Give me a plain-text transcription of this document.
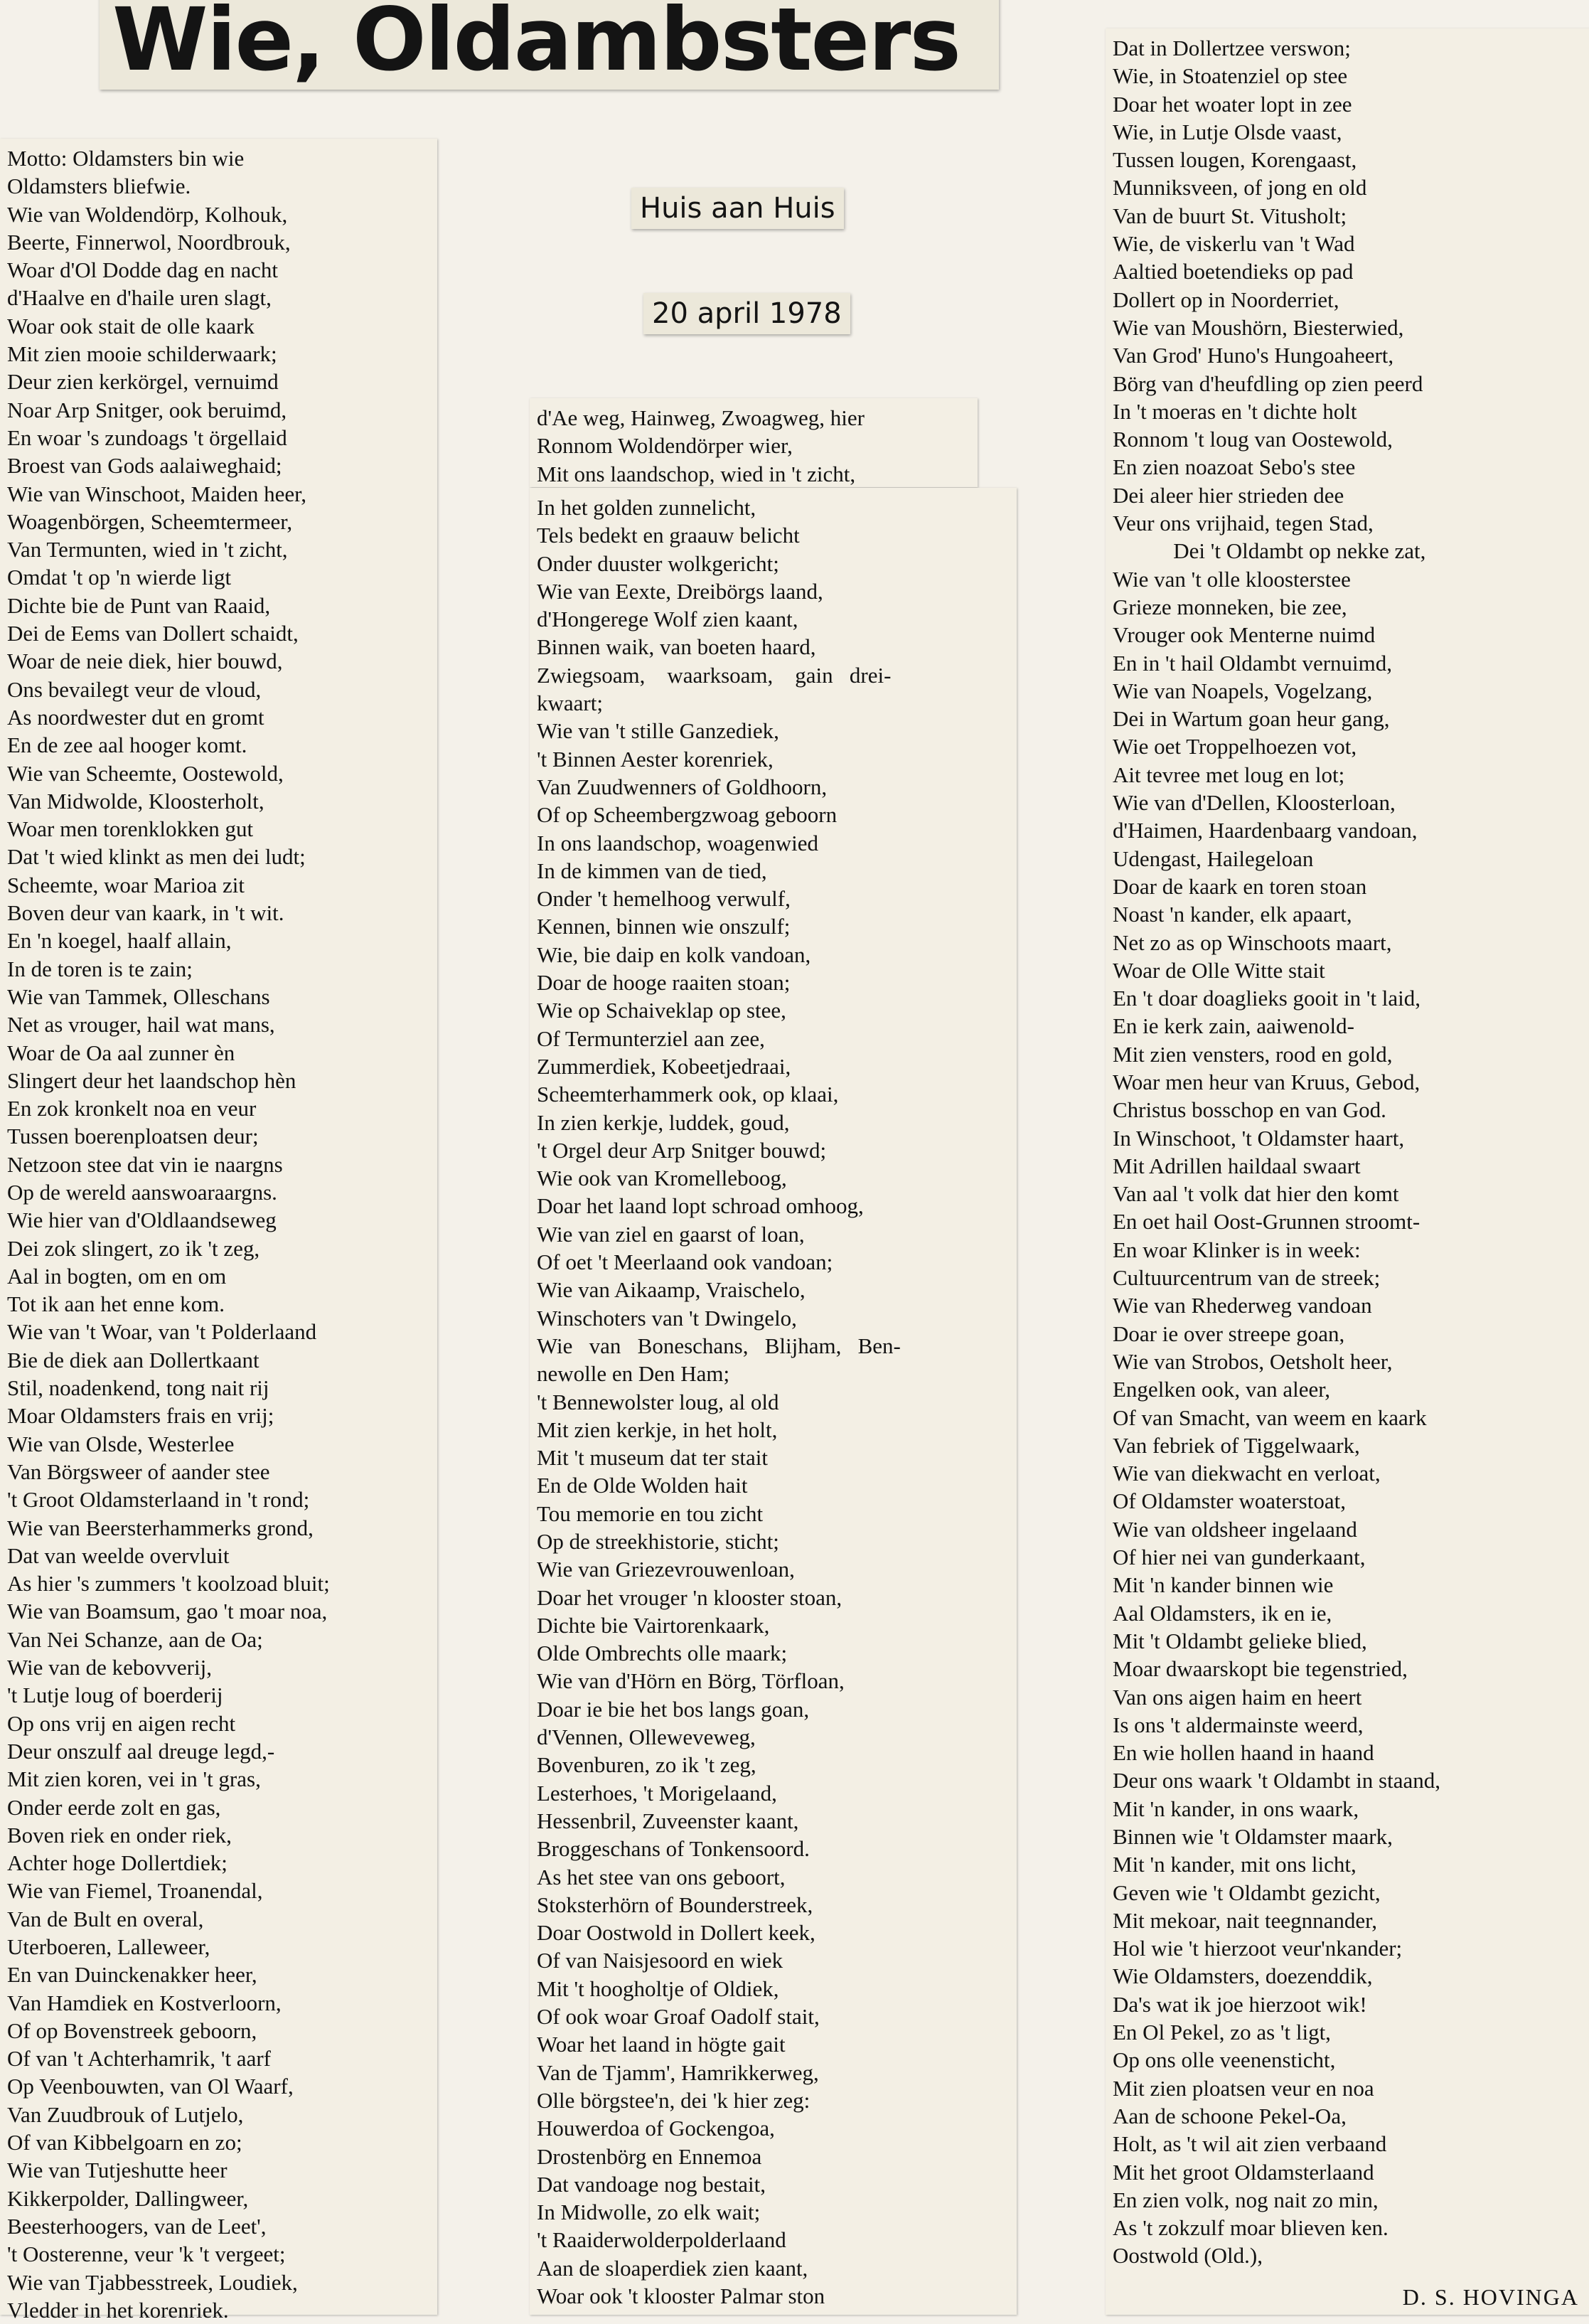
Wie, Oldambsters
Huis aan Huis
20 april 1978
Motto: Oldamsters bin wie
Oldamsters bliefwie.
Wie van Woldendörp, Kolhouk,
Beerte, Finnerwol, Noordbrouk,
Woar d'Ol Dodde dag en nacht
d'Haalve en d'haile uren slagt,
Woar ook stait de olle kaark
Mit zien mooie schilderwaark;
Deur zien kerkörgel, vernuimd
Noar Arp Snitger, ook beruimd,
En woar 's zundoags 't örgellaid
Broest van Gods aalaiweghaid;
Wie van Winschoot, Maiden heer,
Woagenbörgen, Scheemtermeer,
Van Termunten, wied in 't zicht,
Omdat 't op 'n wierde ligt
Dichte bie de Punt van Raaid,
Dei de Eems van Dollert schaidt,
Woar de neie diek, hier bouwd,
Ons bevailegt veur de vloud,
As noordwester dut en gromt
En de zee aal hooger komt.
Wie van Scheemte, Oostewold,
Van Midwolde, Kloosterholt,
Woar men torenklokken gut
Dat 't wied klinkt as men dei ludt;
Scheemte, woar Marioa zit
Boven deur van kaark, in 't wit.
En 'n koegel, haalf allain,
In de toren is te zain;
Wie van Tammek, Olleschans
Net as vrouger, hail wat mans,
Woar de Oa aal zunner èn
Slingert deur het laandschop hèn
En zok kronkelt noa en veur
Tussen boerenploatsen deur;
Netzoon stee dat vin ie naargns
Op de wereld aanswoaraargns.
Wie hier van d'Oldlaandseweg
Dei zok slingert, zo ik 't zeg,
Aal in bogten, om en om
Tot ik aan het enne kom.
Wie van 't Woar, van 't Polderlaand
Bie de diek aan Dollertkaant
Stil, noadenkend, tong nait rij
Moar Oldamsters frais en vrij;
Wie van Olsde, Westerlee
Van Börgsweer of aander stee
't Groot Oldamsterlaand in 't rond;
Wie van Beersterhammerks grond,
Dat van weelde overvluit
As hier 's zummers 't koolzoad bluit;
Wie van Boamsum, gao 't moar noa,
Van Nei Schanze, aan de Oa;
Wie van de kebovverij,
't Lutje loug of boerderij
Op ons vrij en aigen recht
Deur onszulf aal dreuge legd,-
Mit zien koren, vei in 't gras,
Onder eerde zolt en gas,
Boven riek en onder riek,
Achter hoge Dollertdiek;
Wie van Fiemel, Troanendal,
Van de Bult en overal,
Uterboeren, Lalleweer,
En van Duinckenakker heer,
Van Hamdiek en Kostverloorn,
Of op Bovenstreek geboorn,
Of van 't Achterhamrik, 't aarf
Op Veenbouwten, van Ol Waarf,
Van Zuudbrouk of Lutjelo,
Of van Kibbelgoarn en zo;
Wie van Tutjeshutte heer
Kikkerpolder, Dallingweer,
Beesterhoogers, van de Leet',
't Oosterenne, veur 'k 't vergeet;
Wie van Tjabbesstreek, Loudiek,
Vledder in het korenriek.
d'Ae weg, Hainweg, Zwoagweg, hier
Ronnom Woldendörper wier,
Mit ons laandschop, wied in 't zicht,
In het golden zunnelicht,
Tels bedekt en graauw belicht
Onder duuster wolkgericht;
Wie van Eexte, Dreibörgs laand,
d'Hongerege Wolf zien kaant,
Binnen waik, van boeten haard,
Zwiegsoam,    waarksoam,    gain   drei-
kwaart;
Wie van 't stille Ganzediek,
't Binnen Aester korenriek,
Van Zuudwenners of Goldhoorn,
Of op Scheembergzwoag geboorn
In ons laandschop, woagenwied
In de kimmen van de tied,
Onder 't hemelhoog verwulf,
Kennen, binnen wie onszulf;
Wie, bie daip en kolk vandoan,
Doar de hooge raaiten stoan;
Wie op Schaiveklap op stee,
Of Termunterziel aan zee,
Zummerdiek, Kobeetjedraai,
Scheemterhammerk ook, op klaai,
In zien kerkje, luddek, goud,
't Orgel deur Arp Snitger bouwd;
Wie ook van Kromelleboog,
Doar het laand lopt schroad omhoog,
Wie van ziel en gaarst of loan,
Of oet 't Meerlaand ook vandoan;
Wie van Aikaamp, Vraischelo,
Winschoters van 't Dwingelo,
Wie   van   Boneschans,   Blijham,   Ben-
newolle en Den Ham;
't Bennewolster loug, al old
Mit zien kerkje, in het holt,
Mit 't museum dat ter stait
En de Olde Wolden hait
Tou memorie en tou zicht
Op de streekhistorie, sticht;
Wie van Griezevrouwenloan,
Doar het vrouger 'n klooster stoan,
Dichte bie Vairtorenkaark,
Olde Ombrechts olle maark;
Wie van d'Hörn en Börg, Törfloan,
Doar ie bie het bos langs goan,
d'Vennen, Olleweveweg,
Bovenburen, zo ik 't zeg,
Lesterhoes, 't Morigelaand,
Hessenbril, Zuveenster kaant,
Broggeschans of Tonkensoord.
As het stee van ons geboort,
Stoksterhörn of Bounderstreek,
Doar Oostwold in Dollert keek,
Of van Naisjesoord en wiek
Mit 't hoogholtje of Oldiek,
Of ook woar Groaf Oadolf stait,
Woar het laand in högte gait
Van de Tjamm', Hamrikkerweg,
Olle börgstee'n, dei 'k hier zeg:
Houwerdoa of Gockengoa,
Drostenbörg en Ennemoa
Dat vandoage nog bestait,
In Midwolle, zo elk wait;
't Raaiderwolderpolderlaand
Aan de sloaperdiek zien kaant,
Woar ook 't klooster Palmar ston
Dat in Dollertzee verswon;
Wie, in Stoatenziel op stee
Doar het woater lopt in zee
Wie, in Lutje Olsde vaast,
Tussen lougen, Korengaast,
Munniksveen, of jong en old
Van de buurt St. Vitusholt;
Wie, de viskerlu van 't Wad
Aaltied boetendieks op pad
Dollert op in Noorderriet,
Wie van Moushörn, Biesterwied,
Van Grod' Huno's Hungoaheert,
Börg van d'heufdling op zien peerd
In 't moeras en 't dichte holt
Ronnom 't loug van Oostewold,
En zien noazoat Sebo's stee
Dei aleer hier strieden dee
Veur ons vrijhaid, tegen Stad,
Dei 't Oldambt op nekke zat,
Wie van 't olle kloosterstee
Grieze monneken, bie zee,
Vrouger ook Menterne nuimd
En in 't hail Oldambt vernuimd,
Wie van Noapels, Vogelzang,
Dei in Wartum goan heur gang,
Wie oet Troppelhoezen vot,
Ait tevree met loug en lot;
Wie van d'Dellen, Kloosterloan,
d'Haimen, Haardenbaarg vandoan,
Udengast, Hailegeloan
Doar de kaark en toren stoan
Noast 'n kander, elk apaart,
Net zo as op Winschoots maart,
Woar de Olle Witte stait
En 't doar doaglieks gooit in 't laid,
En ie kerk zain, aaiwenold-
Mit zien vensters, rood en gold,
Woar men heur van Kruus, Gebod,
Christus bosschop en van God.
In Winschoot, 't Oldamster haart,
Mit Adrillen haildaal swaart
Van aal 't volk dat hier den komt
En oet hail Oost-Grunnen stroomt-
En woar Klinker is in week:
Cultuurcentrum van de streek;
Wie van Rhederweg vandoan
Doar ie over streepe goan,
Wie van Strobos, Oetsholt heer,
Engelken ook, van aleer,
Of van Smacht, van weem en kaark
Van febriek of Tiggelwaark,
Wie van diekwacht en verloat,
Of Oldamster woaterstoat,
Wie van oldsheer ingelaand
Of hier nei van gunderkaant,
Mit 'n kander binnen wie
Aal Oldamsters, ik en ie,
Mit 't Oldambt gelieke blied,
Moar dwaarskopt bie tegenstried,
Van ons aigen haim en heert
Is ons 't aldermainste weerd,
En wie hollen haand in haand
Deur ons waark 't Oldambt in staand,
Mit 'n kander, in ons waark,
Binnen wie 't Oldamster maark,
Mit 'n kander, mit ons licht,
Geven wie 't Oldambt gezicht,
Mit mekoar, nait teegnnander,
Hol wie 't hierzoot veur'nkander;
Wie Oldamsters, doezenddik,
Da's wat ik joe hierzoot wik!
En Ol Pekel, zo as 't ligt,
Op ons olle veenensticht,
Mit zien ploatsen veur en noa
Aan de schoone Pekel-Oa,
Holt, as 't wil ait zien verbaand
Mit het groot Oldamsterlaand
En zien volk, nog nait zo min,
As 't zokzulf moar blieven ken.
Oostwold (Old.),
D. S. HOVINGA
